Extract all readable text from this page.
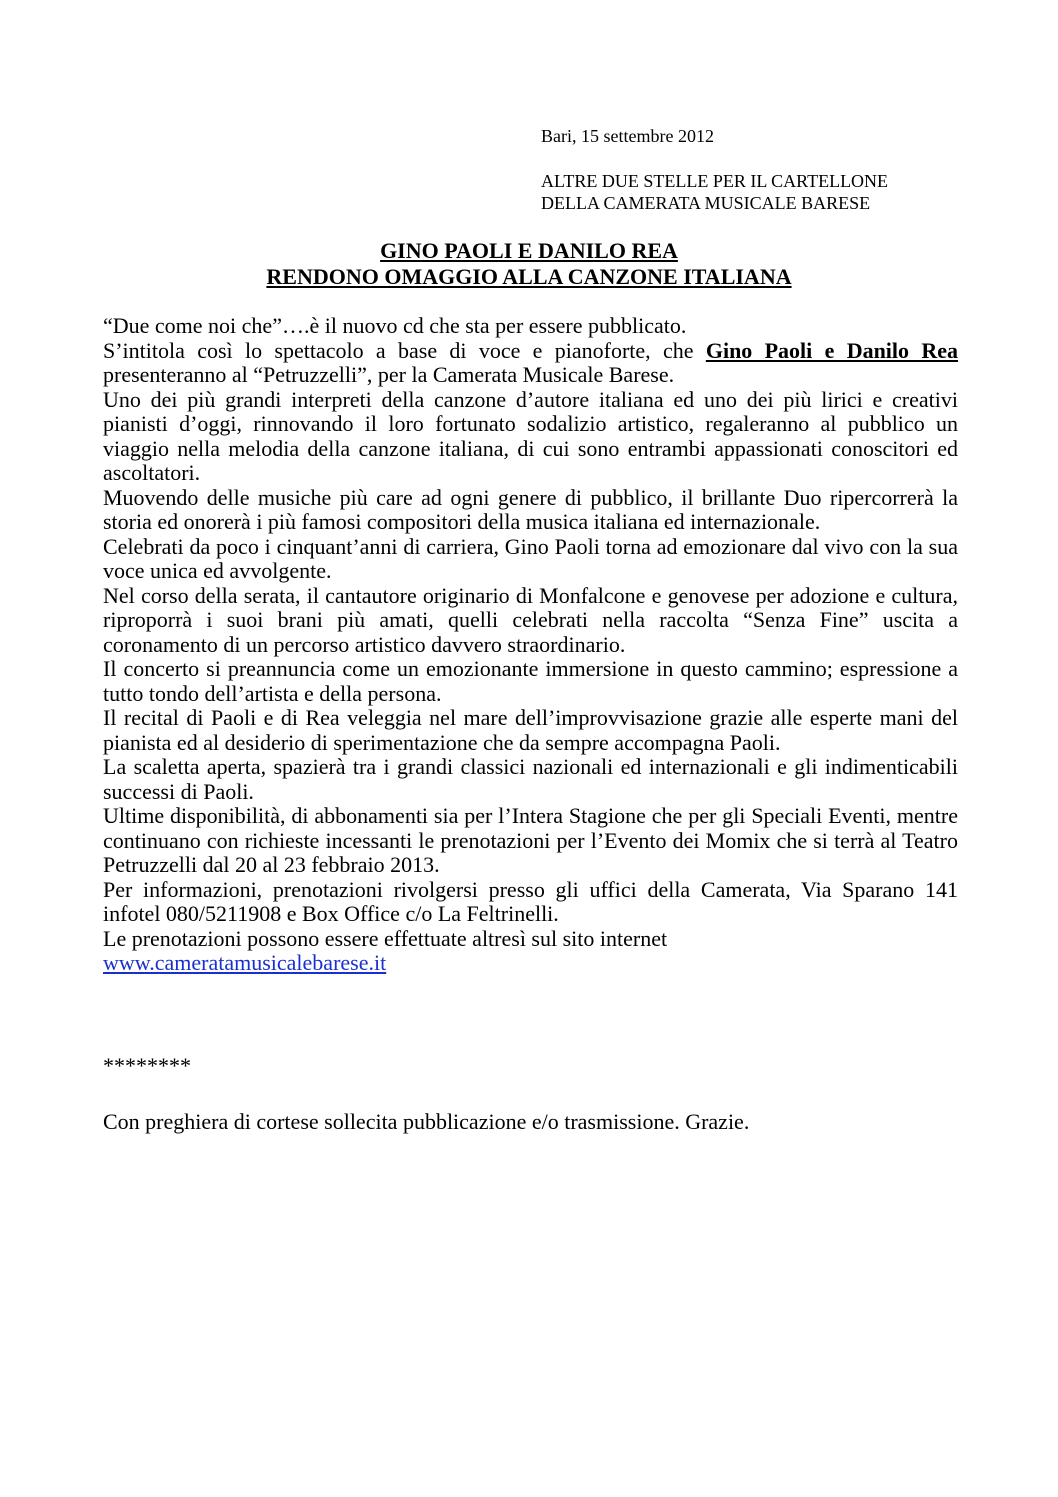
Bari, 15 settembre 2012
ALTRE DUE STELLE PER IL CARTELLONE
DELLA CAMERATA MUSICALE BARESE
GINO PAOLI E DANILO REA
RENDONO OMAGGIO ALLA CANZONE ITALIANA
“Due come noi che”….è il nuovo cd che sta per essere pubblicato.
S’intitola così lo spettacolo a base di voce e pianoforte, che Gino Paoli e Danilo Rea presenteranno al “Petruzzelli”, per la Camerata Musicale Barese.
Uno dei più grandi interpreti della canzone d’autore italiana ed uno dei più lirici e creativi pianisti d’oggi, rinnovando il loro fortunato sodalizio artistico, regaleranno al pubblico un viaggio nella melodia della canzone italiana, di cui sono entrambi appassionati conoscitori ed ascoltatori.
Muovendo delle musiche più care ad ogni genere di pubblico, il brillante Duo ripercorrerà la storia ed onorerà i più famosi compositori della musica italiana ed internazionale.
Celebrati da poco i cinquant’anni di carriera, Gino Paoli torna ad emozionare dal vivo con la sua voce unica ed avvolgente.
Nel corso della serata, il cantautore originario di Monfalcone e genovese per adozione e cultura, riproporrà i suoi brani più amati, quelli celebrati nella raccolta “Senza Fine” uscita a coronamento di un percorso artistico davvero straordinario.
Il concerto si preannuncia come un emozionante immersione in questo cammino; espressione a tutto tondo dell’artista e della persona.
Il recital di Paoli e di Rea veleggia nel mare dell’improvvisazione grazie alle esperte mani del pianista ed al desiderio di sperimentazione che da sempre accompagna Paoli.
La scaletta aperta, spazierà tra i grandi classici nazionali ed internazionali e gli indimenticabili successi di Paoli.
Ultime disponibilità, di abbonamenti sia per l’Intera Stagione che per gli Speciali Eventi, mentre continuano con richieste incessanti le prenotazioni per l’Evento dei Momix che si terrà al Teatro Petruzzelli dal 20 al 23 febbraio 2013.
Per informazioni, prenotazioni rivolgersi presso gli uffici della Camerata, Via Sparano 141 infotel 080/5211908 e Box Office c/o La Feltrinelli.
Le prenotazioni possono essere effettuate altresì sul sito internet
www.cameratamusicalebarese.it
********
Con preghiera di cortese sollecita pubblicazione e/o trasmissione. Grazie.
